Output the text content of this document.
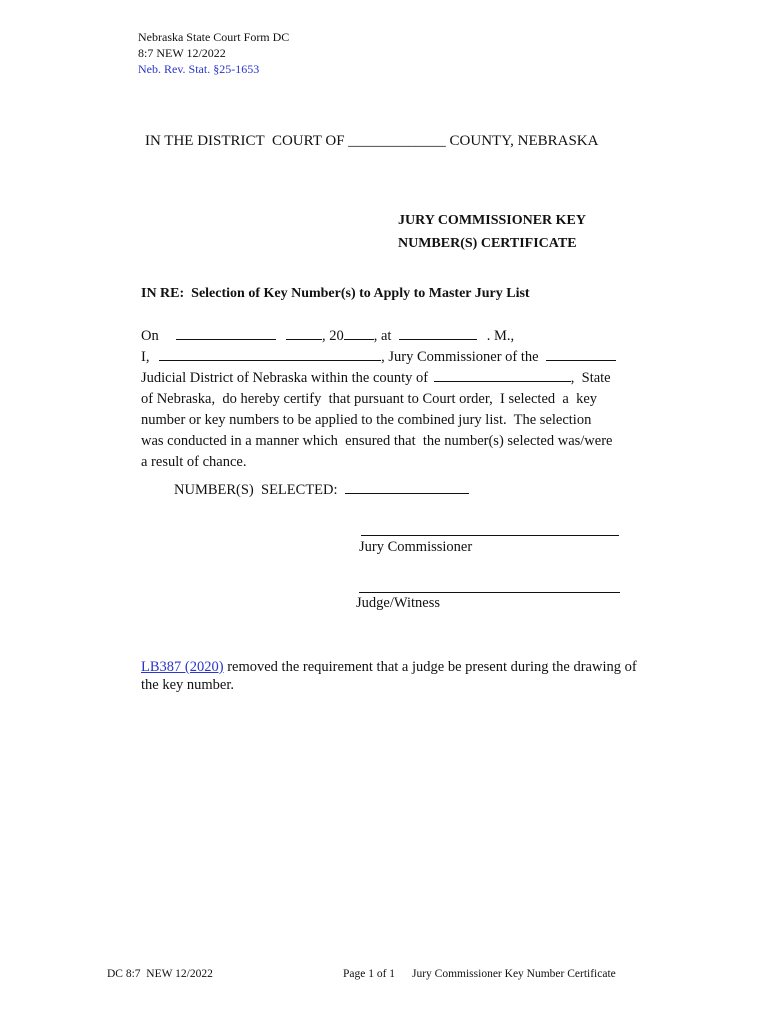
Nebraska State Court Form DC
8:7 NEW 12/2022
Neb. Rev. Stat. §25-1653
IN THE DISTRICT  COURT OF _____________ COUNTY, NEBRASKA
JURY COMMISSIONER KEY
NUMBER(S) CERTIFICATE
IN RE:  Selection of Key Number(s) to Apply to Master Jury List
On	, 20 , at	. M.,
I,	, Jury Commissioner of the
Judicial District of Nebraska within the county of	,  State
of Nebraska,  do hereby certify  that pursuant to Court order,  I selected  a  key
number or key numbers to be applied to the combined jury list.  The selection
was conducted in a manner which  ensured that  the number(s) selected was/were
a result of chance.
NUMBER(S)  SELECTED:
Jury Commissioner
Judge/Witness
LB387 (2020) removed the requirement that a judge be present during the drawing of
the key number.
DC 8:7  NEW 12/2022	Page 1 of 1 Jury Commissioner Key Number Certificate
